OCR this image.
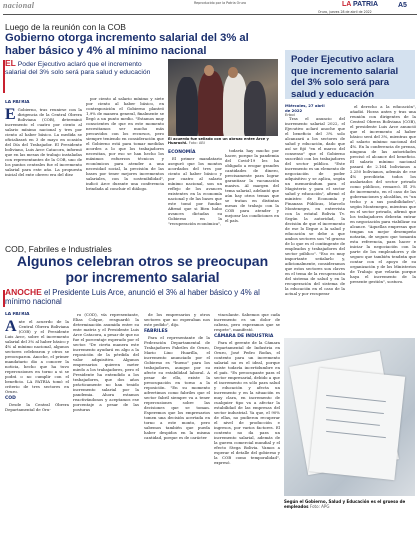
nacional	Reproducido por la Patria Oruro	LA PATRIA
Oruro, jueves 28 de abril de 2022
A5
Luego de la reunión con la COB
Gobierno otorga incremento salarial del 3% al haber básico y 4% al mínimo nacional
EL Poder Ejecutivo aclaró que el incremento salarial del 3% solo será para salud y educación
LA PATRIA
E Gobierno, tras reunirse con la dirigencia de la Central Obrera Boliviana (COB), determinó incremento el cuatro por ciento al salario mínimo nacional y tres por ciento al haber básico. La medida se oficializará en 3 de mayo en ocasión del Día del Trabajador. El Presidente boliviano, Luis Arce Catacora, informó que en las mesas de trabajo instaladas con representantes de la COB, uno de los puntos centrales fue el incremento salarial para este año. La propuesta inicial del ente obrero era del diez

por ciento al salario mínimo y siete por ciento al haber básico, en contraposición el Gobierno planteó 1,9% de manera general, finalmente se llegó a un punto medio. "Estamos muy conscientes de que en este momento necesitamos ser mucho más precavidos con los recursos, pero siempre teniendo en consideración que el Gobierno está para tomar medidas acordes a lo que los trabajadores necesitan, por eso se han hecho los máximos esfuerzos técnicos y económicos para atender a una necesidad social, la precisión de las bases por tener mejores incrementos salariales, con la sostenibilidad", indicó Arce durante una conferencia brindada al concluir el diálogo.

El acuerdo fue sellado con un abrazo entre Arce y Huarachi. Foto: ABI
ECONOMÍA

El primer mandatario aseguró que los montos acordados del tres por ciento al haber básico y por cuatro al salario mínimo nacional, son un reflejo de los avances existentes en la economía nacional y de las bases que este tomó por fundar. Afirmó que si Bien hubo avances dictadas su Gobierno en la "recuperación económica",

todavía hay mucho por hacer, porque la pandemia del Covid-19 les ha obligado a erogar grandes cantidades de dinero, precisamente para lograr garantizar la vacunación masiva. Al margen del tema salarial, adelantó que aún hay otros temas que se tratan en distintas mesas de trabajo con la COB para atender y mejorar las condiciones en el país.

Poder Ejecutivo aclara que incremento salarial del 3% solo será para salud y educación
Miércoles, 27 abril de 2022
Erbol

Tras el anuncio del incremento salarial 2022, el Ejecutivo aclaró anoche que el beneficio del 3% solo alcanzará a los sectores de salud y educación, dado que así se fijó "en el marco del consenso" que el Gobierno suscribió con los trabajadores del sector público. "Este incremento es un elemento de negociación de poder adquisitivo y se aplica, según un memorándum para el Magisterio y para el sector salud y educación", afirmó el ministro de Economía y Finanzas Públicas, Marcelo Montenegro, en entrevista con la estatal Bolivia Tv. Según la autoridad, la decisión de que el incremento de ese lo llegue a la salud y educación se debe a que ambos sectores son "el grueso de lo que es el contingente de empleados y trabajadores del sector público". "Eso es muy importante señalarlo y, adicionalmente, consideramos que estos sectores son claves en el tema de la recuperación del sistema de salud y en la recuperación del sistema de la educación en el caso de la actual y por recuperar

el derecho a la educación", añadió. Horas antes y tras una reunión con dirigentes de la Central Obrera Boliviana (COB), el presidente Luis Arce anunció que el incremento al haber básico será del 3%, mientras que al salario mínimo nacional del 4%. En la conferencia de prensa, ninguna de las autoridades precisó el alcance del beneficio. El salario mínimo nacional pasará de 2.164 bolivianos a 2.250 bolivianos, además de ese 4% percibirán todos los asalariados del sector privado como públicos, remarcó. El 3% de incremento, en el caso de las gobernaciones y alcaldías, es "un techo y a sus posibilidades", según Montenegro, mientras que en el sector privado, afirmó que los trabajadores deberán entrar en negociación para viabilizar su alcance. "Aquellas empresas que tengan un mejor desempeño notarán, de seguro que tomarán esta referencia, para hacer e iniciar la negociación con la parte de los empleadores y de seguro que también tendrán que contar con el apoyo de su organización y de los Ministerios de Trabajo que velarán porque haya el incremento de la presente gestión", sostuvo.

COD, Fabriles e Industriales
Algunos celebran otros se preocupan por incremento salarial
ANOCHE el Presidente Luis Arce, anunció el 3% al haber básico y 4% al mínimo nacional
LA PATRIA
A nte el acuerdo de la Central Obrera Boliviana (COB) y el Presidente Luis Arce, sobre el incremento salarial del 3% al haber básico y 4% al mínimo nacional, algunos sectores celebraron y otros se preocuparon. Anoche, el primer mandatario dio a conocer la noticia, hecho que ha tuvo repercusiones en torno a si se podrá o no cumplir con el beneficio. LA PATRIA tomó el criterio de tres sectores en Oruro.
COD

Desde la Central Obrera Departamental de Oru-

ro (COD), vía representante, Elias Colque, resguardó la determinación asumida entre su ente matriz y el Presidente Luis Arce Catacora, a pesar de que no fue el porcentaje esperado por el sector. "De cierta manera este incremento ayudará en algo a la reposición de la pérdida del valor adquisitivo. Algunos empresarios quieren meter miedo a los trabajadores, pero el Presidente ha entendido a los trabajadores, que dos años prácticamente no han tenido incremento salarial por la pandemia. Ahora estamos reactivándonos y aceptamos ese porcentaje a pesar de las posturas

de los empresarios y otros sectores que no esperaban nos este pedido", dijo.

FABRILES

Para el representante de la Federación Departamental de Trabajadores Fabriles de Oruro, Mario Lino Huarilla, el incremento anunciado por el Gobierno es "bueno" para los trabajadores, aunque por su afecte su estabilidad laboral. A pesar de ello, existe la preocupación en torno a la reposición. "En su momento advertimos como fabriles que el sector fabril siempre va a tener repercusiones sobre las decisiones que se toman. Esperemos que los empresarios tomen una decisión acertada en torno a este monto, pero sabemos también que pueda haber despidos en la misma cantidad, porque es de carácter

vinculante. Sabemos que cada incremento es un dolor de cabeza, pero esperamos que se respete", manifestó.

CÁMARA DE INDUSTRIA

Para el gerente de la Cámara Departamental de Industria en Oruro, José Pedro Rodas, el contexto para un incremento salarial no es el ideal, porque existe todavía incertidumbre en el país. "Es preocupante para el sector empresarial, debido a que el incremento es sólo para salud y educación y afecta un incremento y en la situación es muy clara, en incremento de cualquier tipo va a afectar la estabilidad de las empresas del sector industrial. Ya que, el 90% de ellas, no pudieron recuperar el nivel de producción e ingresos, por varios factores. El contexto no da para un incremento salarial, además de la guerra comercial mundial y el efecto Stega Bolivia. Vamos a esperar el detalle del gobierno y la COB como temporalidad", expresó.

Según el Gobierno, Salud y Educación es el grueso de empleados Foto: APG
